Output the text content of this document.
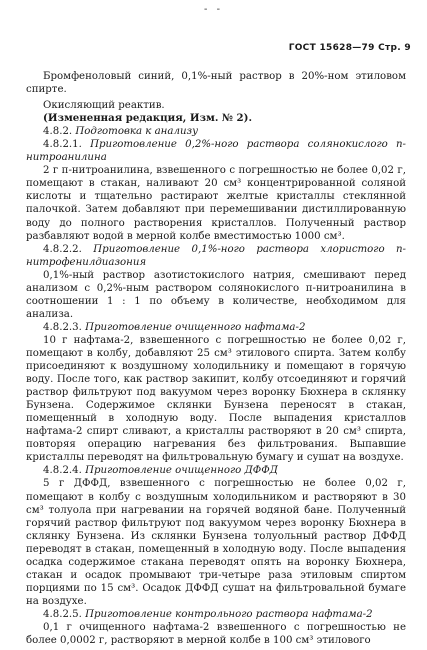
- -
ГОСТ 15628—79 Стр. 9

Бромфеноловый синий, 0,1%-ный раствор в 20%-ном этиловом спирте.

Окисляющий реактив.

(Измененная редакция, Изм. № 2).

4.8.2. Подготовка к анализу

4.8.2.1. Приготовление 0,2%-ного раствора солянокислого п-нитроанилина

2 г п-нитроанилина, взвешенного с погрешностью не более 0,02 г, помещают в стакан, наливают 20 см³ концентрированной соляной кислоты и тщательно растирают желтые кристаллы стеклянной палочкой. Затем добавляют при перемешивании дистиллированную воду до полного растворения кристаллов. Полученный раствор разбавляют водой в мерной колбе вместимостью 1000 см³.

4.8.2.2. Приготовление 0,1%-ного раствора хлористого п-нитрофенилдиазония

0,1%-ный раствор азотистокислого натрия, смешивают перед анализом с 0,2%-ным раствором солянокислого п-нитроанилина в соотношении 1 : 1 по объему в количестве, необходимом для анализа.

4.8.2.3. Приготовление очищенного нафтама-2

10 г нафтама-2, взвешенного с погрешностью не более 0,02 г, помещают в колбу, добавляют 25 см³ этилового спирта. Затем колбу присоединяют к воздушному холодильнику и помещают в горячую воду. После того, как раствор закипит, колбу отсоединяют и горячий раствор фильтруют под вакуумом через воронку Бюхнера в склянку Бунзена. Содержимое склянки Бунзена переносят в стакан, помещенный в холодную воду. После выпадения кристаллов нафтама-2 спирт сливают, а кристаллы растворяют в 20 см³ спирта, повторяя операцию нагревания без фильтрования. Выпавшие кристаллы переводят на фильтровальную бумагу и сушат на воздухе.

4.8.2.4. Приготовление очищенного ДФФД

5 г ДФФД, взвешенного с погрешностью не более 0,02 г, помещают в колбу с воздушным холодильником и растворяют в 30 см³ толуола при нагревании на горячей водяной бане. Полученный горячий раствор фильтруют под вакуумом через воронку Бюхнера в склянку Бунзена. Из склянки Бунзена толуольный раствор ДФФД переводят в стакан, помещенный в холодную воду. После выпадения осадка содержимое стакана переводят опять на воронку Бюхнера, стакан и осадок промывают три-четыре раза этиловым спиртом порциями по 15 см³. Осадок ДФФД сушат на фильтровальной бумаге на воздухе.

4.8.2.5. Приготовление контрольного раствора нафтама-2

0,1 г очищенного нафтама-2 взвешенного с погрешностью не более 0,0002 г, растворяют в мерной колбе в 100 см³ этилового
